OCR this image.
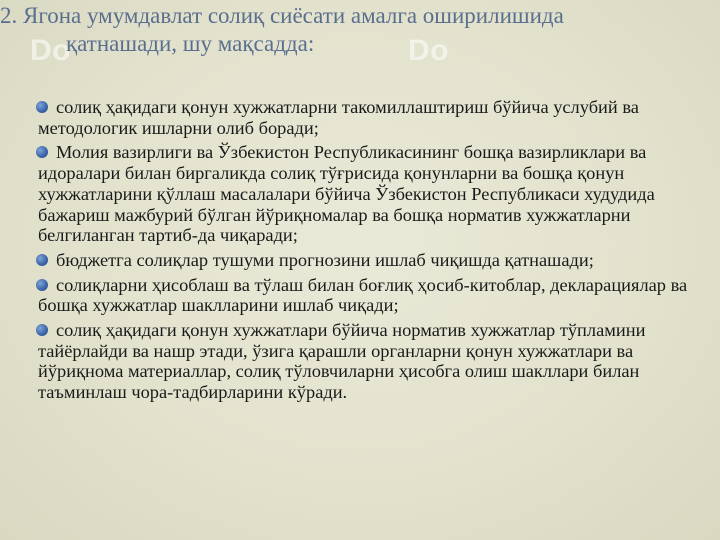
Do	Do
2. Ягона умумдавлат солиқ сиёсати амалга оширилишида
қатнашади, шу мақсадда:
солиқ ҳақидаги қонун хужжатларни такомиллаштириш бўйича услубий ва методологик ишларни олиб боради;
Молия вазирлиги ва Ўзбекистон Республикасининг бошқа вазирликлари ва идоралари билан биргаликда солиқ тўғрисида қонунларни ва бошқа қонун хужжатларини қўллаш масалалари бўйича Ўзбекистон Республикаси худудида бажариш мажбурий бўлган йўриқномалар ва бошқа норматив хужжатларни белгиланган тартиб-да чиқаради;
бюджетга солиқлар тушуми прогнозини ишлаб чиқишда қатнашади;
солиқларни ҳисоблаш ва тўлаш билан боғлиқ ҳосиб-китоблар, декларациялар ва бошқа хужжатлар шаклларини ишлаб чиқади;
солиқ ҳақидаги қонун хужжатлари бўйича норматив хужжатлар тўпламини тайёрлайди ва нашр этади, ўзига қарашли органларни қонун хужжатлари ва йўриқнома материаллар, солиқ тўловчиларни ҳисобга олиш шакллари билан таъминлаш чора-тадбирларини кўради.
